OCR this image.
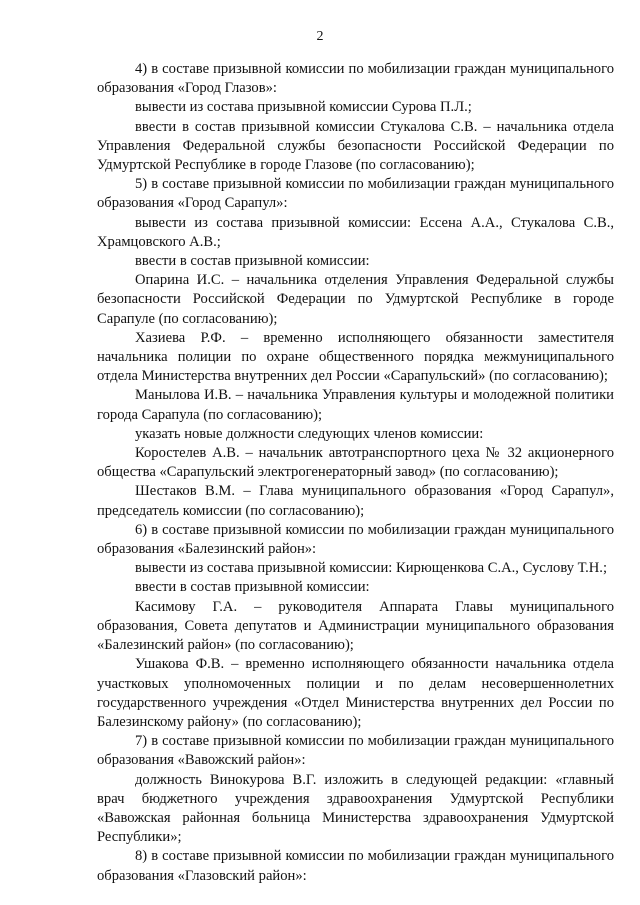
2

4) в составе призывной комиссии по мобилизации граждан муниципального образования «Город Глазов»:

вывести из состава призывной комиссии Сурова П.Л.;

ввести в состав призывной комиссии Стукалова С.В. – начальника отдела Управления Федеральной службы безопасности Российской Федерации по Удмуртской Республике в городе Глазове (по согласованию);

5) в составе призывной комиссии по мобилизации граждан муниципального образования «Город Сарапул»:

вывести из состава призывной комиссии: Ессена А.А., Стукалова С.В., Храмцовского А.В.;

ввести в состав призывной комиссии:

Опарина И.С. – начальника отделения Управления Федеральной службы безопасности Российской Федерации по Удмуртской Республике в городе Сарапуле (по согласованию);

Хазиева Р.Ф. – временно исполняющего обязанности заместителя начальника полиции по охране общественного порядка межмуниципального отдела Министерства внутренних дел России «Сарапульский» (по согласованию);

Манылова И.В. – начальника Управления культуры и молодежной политики города Сарапула (по согласованию);

указать новые должности следующих членов комиссии:

Коростелев А.В. – начальник автотранспортного цеха № 32 акционерного общества «Сарапульский электрогенераторный завод» (по согласованию);

Шестаков В.М. – Глава муниципального образования «Город Сарапул», председатель комиссии (по согласованию);

6) в составе призывной комиссии по мобилизации граждан муниципального образования «Балезинский район»:

вывести из состава призывной комиссии: Кирющенкова С.А., Суслову Т.Н.;

ввести в состав призывной комиссии:

Касимову Г.А. – руководителя Аппарата Главы муниципального образования, Совета депутатов и Администрации муниципального образования «Балезинский район» (по согласованию);

Ушакова Ф.В. – временно исполняющего обязанности начальника отдела участковых уполномоченных полиции и по делам несовершеннолетних государственного учреждения «Отдел Министерства внутренних дел России по Балезинскому району» (по согласованию);

7) в составе призывной комиссии по мобилизации граждан муниципального образования «Вавожский район»:

должность Винокурова В.Г. изложить в следующей редакции: «главный врач бюджетного учреждения здравоохранения Удмуртской Республики «Вавожская районная больница Министерства здравоохранения Удмуртской Республики»;

8) в составе призывной комиссии по мобилизации граждан муниципального образования «Глазовский район»:
